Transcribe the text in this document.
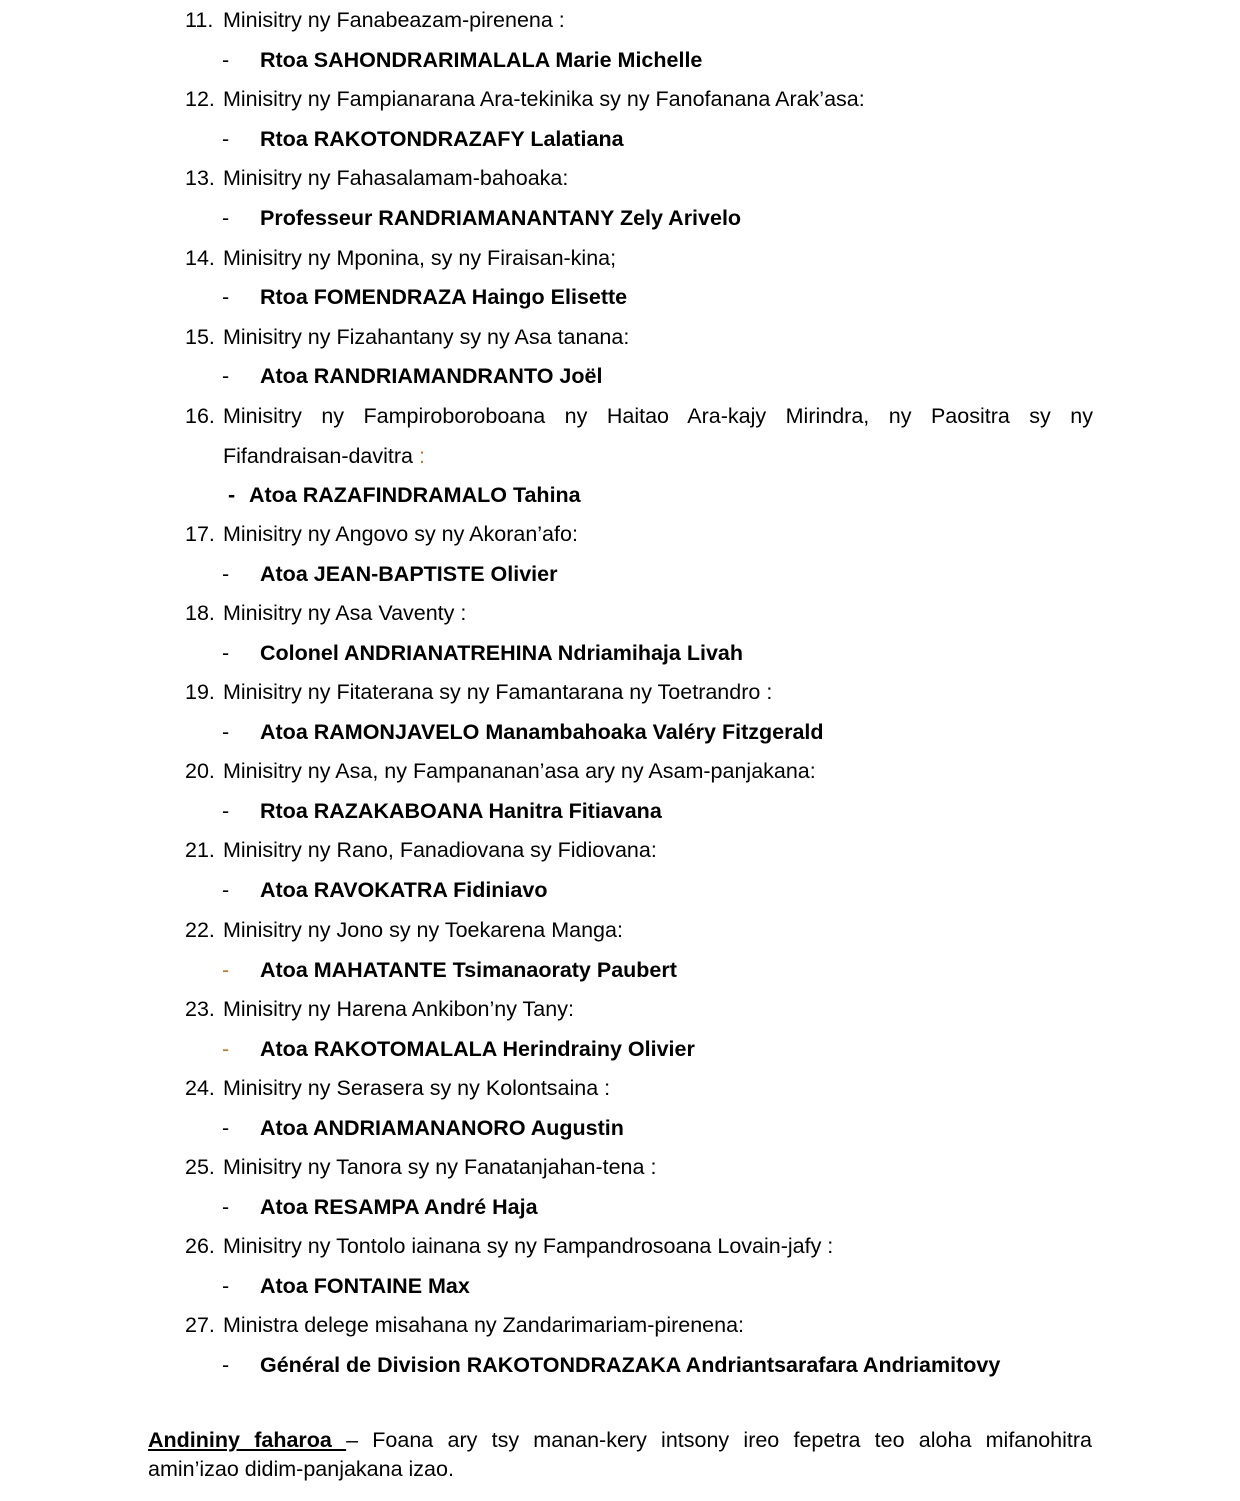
11. Minisitry ny Fanabeazam-pirenena :
- Rtoa SAHONDRARIMALALA Marie Michelle
12. Minisitry ny Fampianarana Ara-tekinika sy ny Fanofanana Arak’asa:
- Rtoa RAKOTONDRAZAFY Lalatiana
13. Minisitry ny Fahasalamam-bahoaka:
- Professeur RANDRIAMANANTANY Zely Arivelo
14. Minisitry ny Mponina, sy ny Firaisan-kina;
- Rtoa FOMENDRAZA Haingo Elisette
15. Minisitry ny Fizahantany sy ny Asa tanana:
- Atoa RANDRIAMANDRANTO Joël
16. Minisitry ny Fampiroboroboana ny Haitao Ara-kajy Mirindra, ny Paositra sy ny
Fifandraisan-davitra :
- Atoa RAZAFINDRAMALO Tahina
17. Minisitry ny Angovo sy ny Akoran’afo:
- Atoa JEAN-BAPTISTE Olivier
18. Minisitry ny Asa Vaventy :
- Colonel ANDRIANATREHINA Ndriamihaja Livah
19. Minisitry ny Fitaterana sy ny Famantarana ny Toetrandro :
- Atoa RAMONJAVELO Manambahoaka Valéry Fitzgerald
20. Minisitry ny Asa, ny Fampananan’asa ary ny Asam-panjakana:
- Rtoa RAZAKABOANA Hanitra Fitiavana
21. Minisitry ny Rano, Fanadiovana sy Fidiovana:
- Atoa RAVOKATRA Fidiniavo
22. Minisitry ny Jono sy ny Toekarena Manga:
- Atoa MAHATANTE Tsimanaoraty Paubert
23. Minisitry ny Harena Ankibon’ny Tany:
- Atoa RAKOTOMALALA Herindrainy Olivier
24. Minisitry ny Serasera sy ny Kolontsaina :
- Atoa ANDRIAMANANORO Augustin
25. Minisitry ny Tanora sy ny Fanatanjahan-tena :
- Atoa RESAMPA André Haja
26. Minisitry ny Tontolo iainana sy ny Fampandrosoana Lovain-jafy :
- Atoa FONTAINE Max
27. Ministra delege misahana ny Zandarimariam-pirenena:
- Général de Division RAKOTONDRAZAKA Andriantsarafara Andriamitovy
Andininy faharoa – Foana ary tsy manan-kery intsony ireo fepetra teo aloha mifanohitra
amin’izao didim-panjakana izao.
